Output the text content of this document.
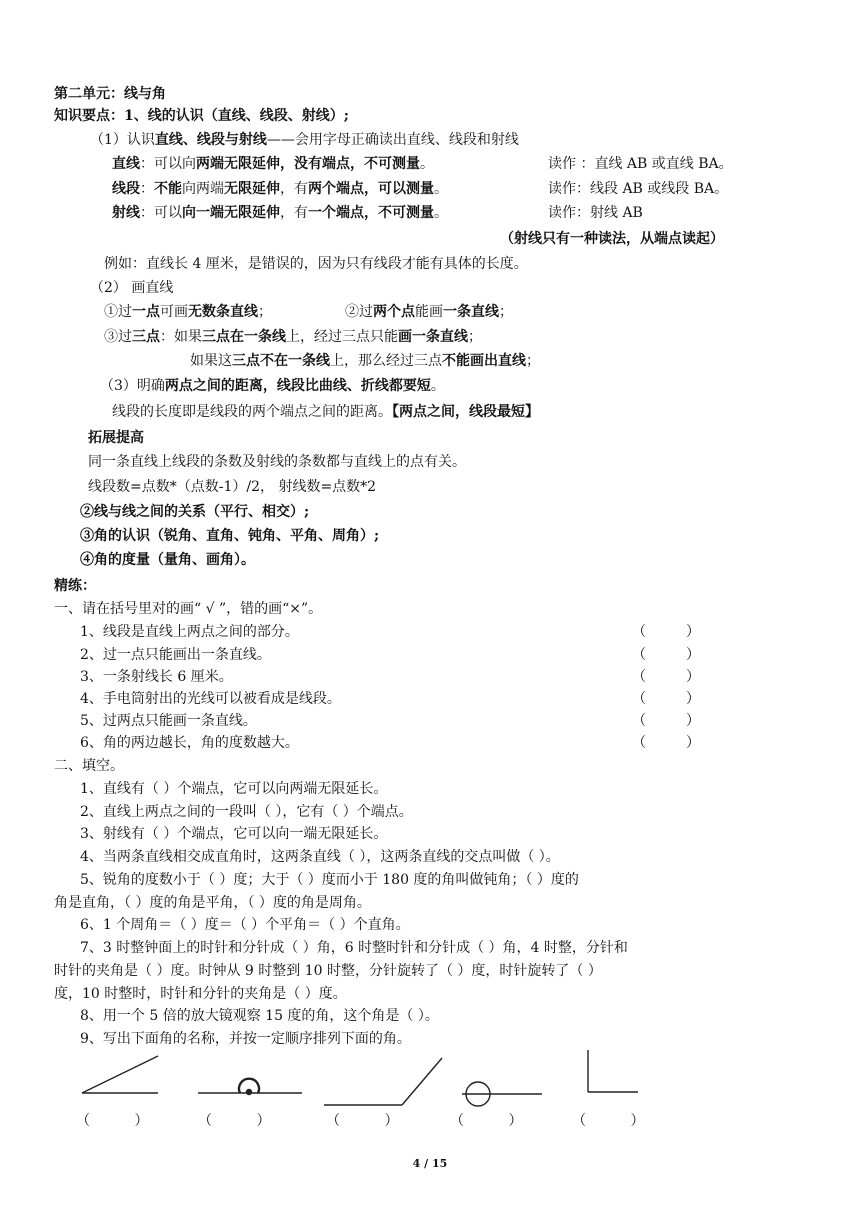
第二单元：线与角
知识要点：1、线的认识（直线、线段、射线）;
（1）认识直线、线段与射线——会用字母正确读出直线、线段和射线
直线：可以向两端无限延伸，没有端点，不可测量。	读作 ：直线 AB 或直线 BA。
线段：不能向两端无限延伸，有两个端点，可以测量。	读作：线段 AB 或线段 BA。
射线：可以向一端无限延伸，有一个端点，不可测量。	读作：射线 AB
（射线只有一种读法，从端点读起）
例如：直线长 4 厘米，是错误的，因为只有线段才能有具体的长度。
（2） 画直线
①过一点可画无数条直线；	②过两个点能画一条直线；
③过三点：如果三点在一条线上，经过三点只能画一条直线；
如果这三点不在一条线上，那么经过三点不能画出直线；
（3）明确两点之间的距离，线段比曲线、折线都要短。
线段的长度即是线段的两个端点之间的距离。【两点之间，线段最短】
拓展提高
同一条直线上线段的条数及射线的条数都与直线上的点有关。
线段数=点数*（点数-1）/2， 射线数=点数*2
②线与线之间的关系（平行、相交）;
③角的认识（锐角、直角、钝角、平角、周角）;
④角的度量（量角、画角）。
精练：
一、请在括号里对的画“ √ ”，错的画“×”。
1、线段是直线上两点之间的部分。	（         ）
2、过一点只能画出一条直线。	（         ）
3、一条射线长 6 厘米。	（         ）
4、手电筒射出的光线可以被看成是线段。	（         ）
5、过两点只能画一条直线。	（         ）
6、角的两边越长，角的度数越大。	（         ）
二、填空。
1、直线有（ ）个端点，它可以向两端无限延长。
2、直线上两点之间的一段叫（ ），它有（ ）个端点。
3、射线有（ ）个端点，它可以向一端无限延长。
4、当两条直线相交成直角时，这两条直线（ ），这两条直线的交点叫做（ ）。
5、锐角的度数小于（ ）度；大于（ ）度而小于 180 度的角叫做钝角；（ ）度的
角是直角，（ ）度的角是平角，（ ）度的角是周角。
6、1 个周角＝（ ）度＝（ ）个平角＝（ ）个直角。
7、3 时整钟面上的时针和分针成（ ）角，6 时整时针和分针成（ ）角，4 时整，分针和
时针的夹角是（ ）度。时钟从 9 时整到 10 时整，分针旋转了（ ）度，时针旋转了（ ）
度，10 时整时，时针和分针的夹角是（ ）度。
8、用一个 5 倍的放大镜观察 15 度的角，这个角是（ ）。
9、写出下面角的名称，并按一定顺序排列下面的角。
（          ）	（          ）	（          ）	（          ）	（          ）
4 / 15
